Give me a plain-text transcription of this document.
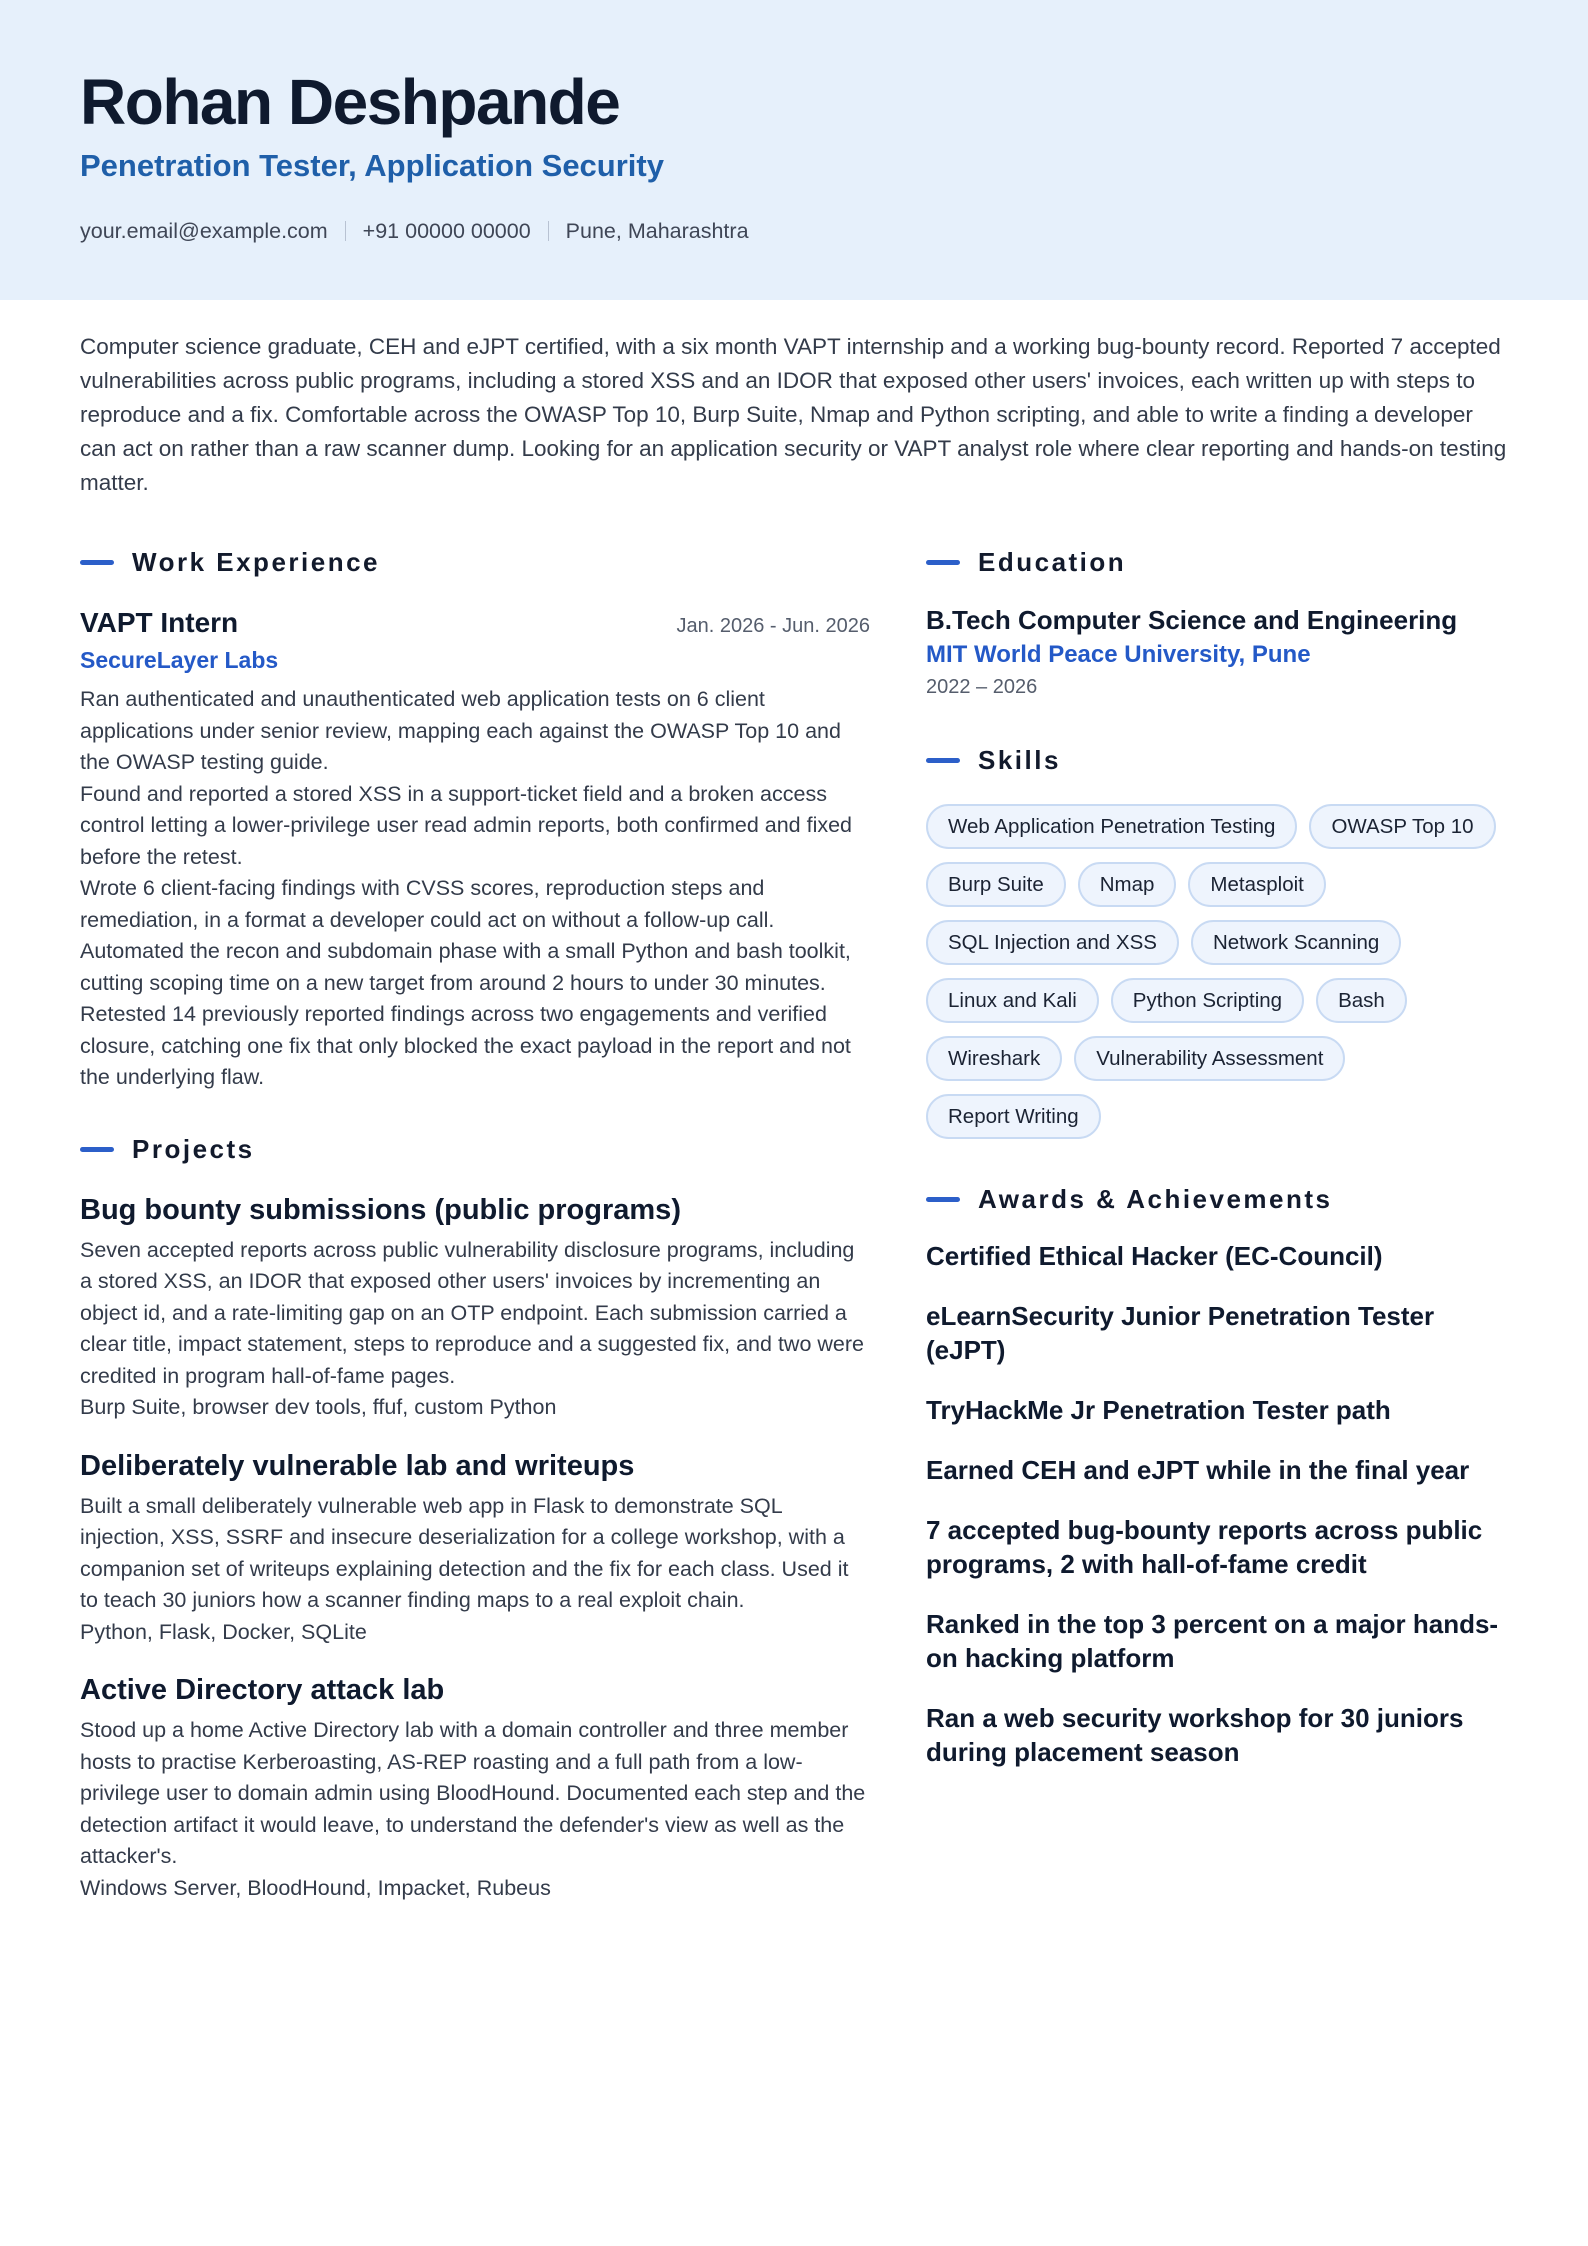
Rohan Deshpande
Penetration Tester, Application Security
your.email@example.com +91 00000 00000 Pune, Maharashtra
Computer science graduate, CEH and eJPT certified, with a six month VAPT internship and a working bug-bounty record. Reported 7 accepted vulnerabilities across public programs, including a stored XSS and an IDOR that exposed other users' invoices, each written up with steps to reproduce and a fix. Comfortable across the OWASP Top 10, Burp Suite, Nmap and Python scripting, and able to write a finding a developer can act on rather than a raw scanner dump. Looking for an application security or VAPT analyst role where clear reporting and hands-on testing matter.
Work Experience
VAPT Intern	Jan. 2026 - Jun. 2026
SecureLayer Labs
Ran authenticated and unauthenticated web application tests on 6 client applications under senior review, mapping each against the OWASP Top 10 and the OWASP testing guide.
Found and reported a stored XSS in a support-ticket field and a broken access control letting a lower-privilege user read admin reports, both confirmed and fixed before the retest.
Wrote 6 client-facing findings with CVSS scores, reproduction steps and remediation, in a format a developer could act on without a follow-up call.
Automated the recon and subdomain phase with a small Python and bash toolkit, cutting scoping time on a new target from around 2 hours to under 30 minutes.
Retested 14 previously reported findings across two engagements and verified closure, catching one fix that only blocked the exact payload in the report and not the underlying flaw.
Projects
Bug bounty submissions (public programs)
Seven accepted reports across public vulnerability disclosure programs, including a stored XSS, an IDOR that exposed other users' invoices by incrementing an object id, and a rate-limiting gap on an OTP endpoint. Each submission carried a clear title, impact statement, steps to reproduce and a suggested fix, and two were credited in program hall-of-fame pages.
Burp Suite, browser dev tools, ffuf, custom Python
Deliberately vulnerable lab and writeups
Built a small deliberately vulnerable web app in Flask to demonstrate SQL injection, XSS, SSRF and insecure deserialization for a college workshop, with a companion set of writeups explaining detection and the fix for each class. Used it to teach 30 juniors how a scanner finding maps to a real exploit chain.
Python, Flask, Docker, SQLite
Active Directory attack lab
Stood up a home Active Directory lab with a domain controller and three member hosts to practise Kerberoasting, AS-REP roasting and a full path from a low-privilege user to domain admin using BloodHound. Documented each step and the detection artifact it would leave, to understand the defender's view as well as the attacker's.
Windows Server, BloodHound, Impacket, Rubeus
Education
B.Tech Computer Science and Engineering
MIT World Peace University, Pune
2022 – 2026
Skills
Web Application Penetration Testing	OWASP Top 10
Burp Suite	Nmap	Metasploit
SQL Injection and XSS	Network Scanning
Linux and Kali	Python Scripting	Bash
Wireshark	Vulnerability Assessment
Report Writing
Awards & Achievements
Certified Ethical Hacker (EC-Council)
eLearnSecurity Junior Penetration Tester (eJPT)
TryHackMe Jr Penetration Tester path
Earned CEH and eJPT while in the final year
7 accepted bug-bounty reports across public programs, 2 with hall-of-fame credit
Ranked in the top 3 percent on a major hands-on hacking platform
Ran a web security workshop for 30 juniors during placement season
